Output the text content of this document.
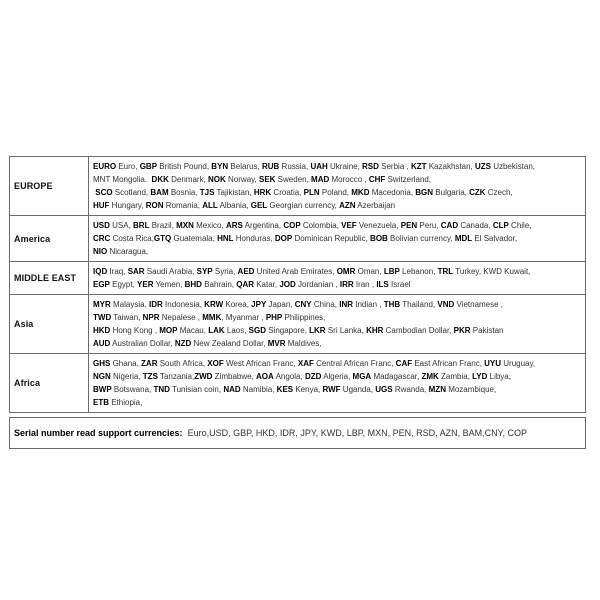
EUROPE	EURO Euro, GBP British Pound, BYN Belarus, RUB Russia, UAH Ukraine, RSD Serbia , KZT Kazakhstan, UZS Uzbekistan,
MNT Mongolia.  DKK Denmark, NOK Norway, SEK Sweden, MAD Morocco , CHF Switzerland,
SCO Scotland, BAM Bosnia, TJS Tajikistan, HRK Croatia, PLN Poland, MKD Macedonia, BGN Bulgaria, CZK Czech,
HUF Hungary, RON Romania, ALL Albania, GEL Georgian currency, AZN Azerbaijan

America	USD USA, BRL Brazil, MXN Mexico, ARS Argentina, COP Colombia, VEF Venezuela, PEN Peru, CAD Canada, CLP Chile,
CRC Costa Rica,GTQ Guatemala, HNL Honduras, DOP Dominican Republic, BOB Bolivian currency, MDL El Salvador,
NIO Nicaragua,

MIDDLE EAST	IQD Iraq, SAR Saudi Arabia, SYP Syria, AED United Arab Emirates, OMR Oman, LBP Lebanon, TRL Turkey, KWD Kuwait,
EGP Egypt, YER Yemen, BHD Bahrain, QAR Katar, JOD Jordanian , IRR Iran , ILS Israel

Asia	MYR Malaysia, IDR Indonesia, KRW Korea, JPY Japan, CNY China, INR Indian , THB Thailand, VND Vietnamese ,
TWD Taiwan, NPR Nepalese , MMK, Myanmar , PHP Philippines,
HKD Hong Kong , MOP Macau, LAK Laos, SGD Singapore, LKR Sri Lanka, KHR Cambodian Dollar, PKR Pakistan
AUD Australian Dollar, NZD New Zealand Dollar, MVR Maldives,

Africa	GHS Ghana, ZAR South Africa, XOF West African Franc, XAF Central African Franc, CAF East African Franc, UYU Uruguay,
NGN Nigeria, TZS Tanzania,ZWD Zimbabwe, AOA Angola, DZD Algeria, MGA Madagascar, ZMK Zambia, LYD Libya,
BWP Botswana, TND Tunisian coin, NAD Namibia, KES Kenya, RWF Uganda, UGS Rwanda, MZN Mozambique,
ETB Ethiopia,
Serial number read support currencies:  Euro,USD, GBP, HKD, IDR, JPY, KWD, LBP, MXN, PEN, RSD, AZN, BAM,CNY, COP
